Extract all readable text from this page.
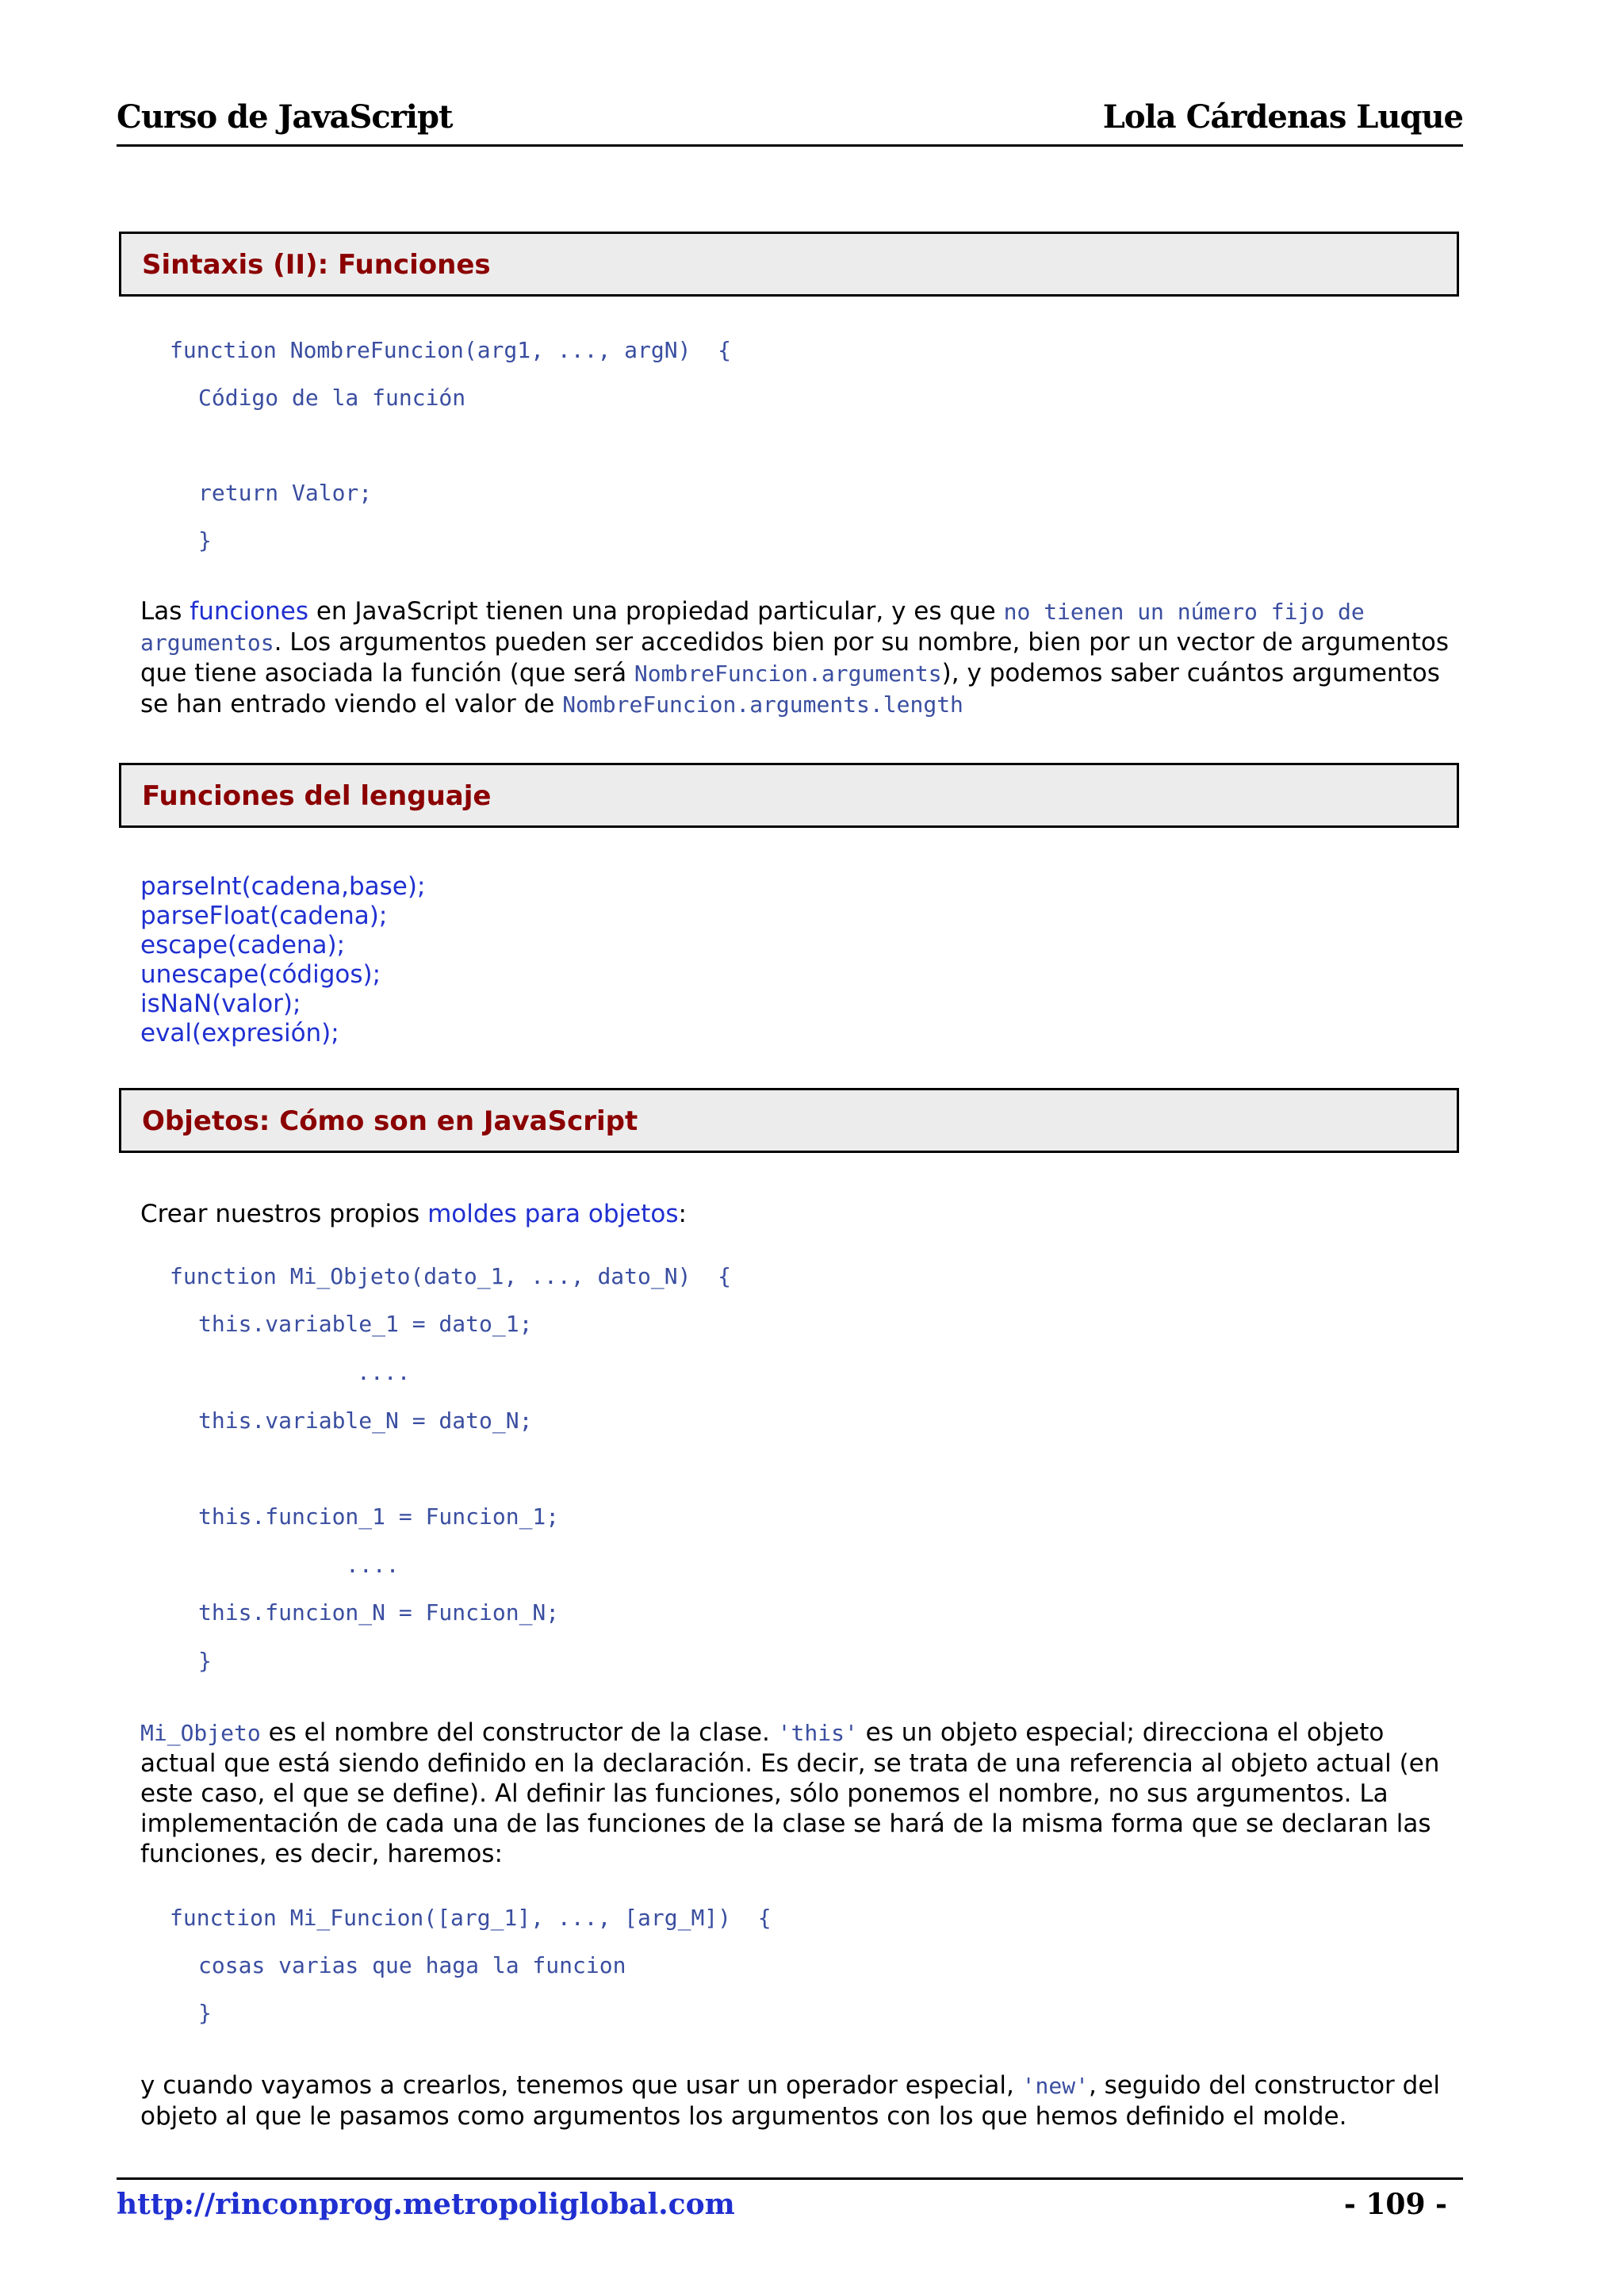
Curso de JavaScript	Lola Cárdenas Luque
Sintaxis (II): Funciones
function NombreFuncion(arg1, ..., argN)  {
Código de la función
return Valor;
}
Las funciones en JavaScript tienen una propiedad particular, y es que no tienen un número fijo de argumentos. Los argumentos pueden ser accedidos bien por su nombre, bien por un vector de argumentos que tiene asociada la función (que será NombreFuncion.arguments), y podemos saber cuántos argumentos se han entrado viendo el valor de NombreFuncion.arguments.length
Funciones del lenguaje
parseInt(cadena,base);
parseFloat(cadena);
escape(cadena);
unescape(códigos);
isNaN(valor);
eval(expresión);
Objetos: Cómo son en JavaScript
Crear nuestros propios moldes para objetos:
function Mi_Objeto(dato_1, ..., dato_N)  {
this.variable_1 = dato_1;
....
this.variable_N = dato_N;
this.funcion_1 = Funcion_1;
....
this.funcion_N = Funcion_N;
}
Mi_Objeto es el nombre del constructor de la clase. 'this' es un objeto especial; direcciona el objeto actual que está siendo definido en la declaración. Es decir, se trata de una referencia al objeto actual (en este caso, el que se define). Al definir las funciones, sólo ponemos el nombre, no sus argumentos. La implementación de cada una de las funciones de la clase se hará de la misma forma que se declaran las funciones, es decir, haremos:
function Mi_Funcion([arg_1], ..., [arg_M])  {
cosas varias que haga la funcion
}
y cuando vayamos a crearlos, tenemos que usar un operador especial, 'new', seguido del constructor del objeto al que le pasamos como argumentos los argumentos con los que hemos definido el molde.
http://rinconprog.metropoliglobal.com	- 109 -
